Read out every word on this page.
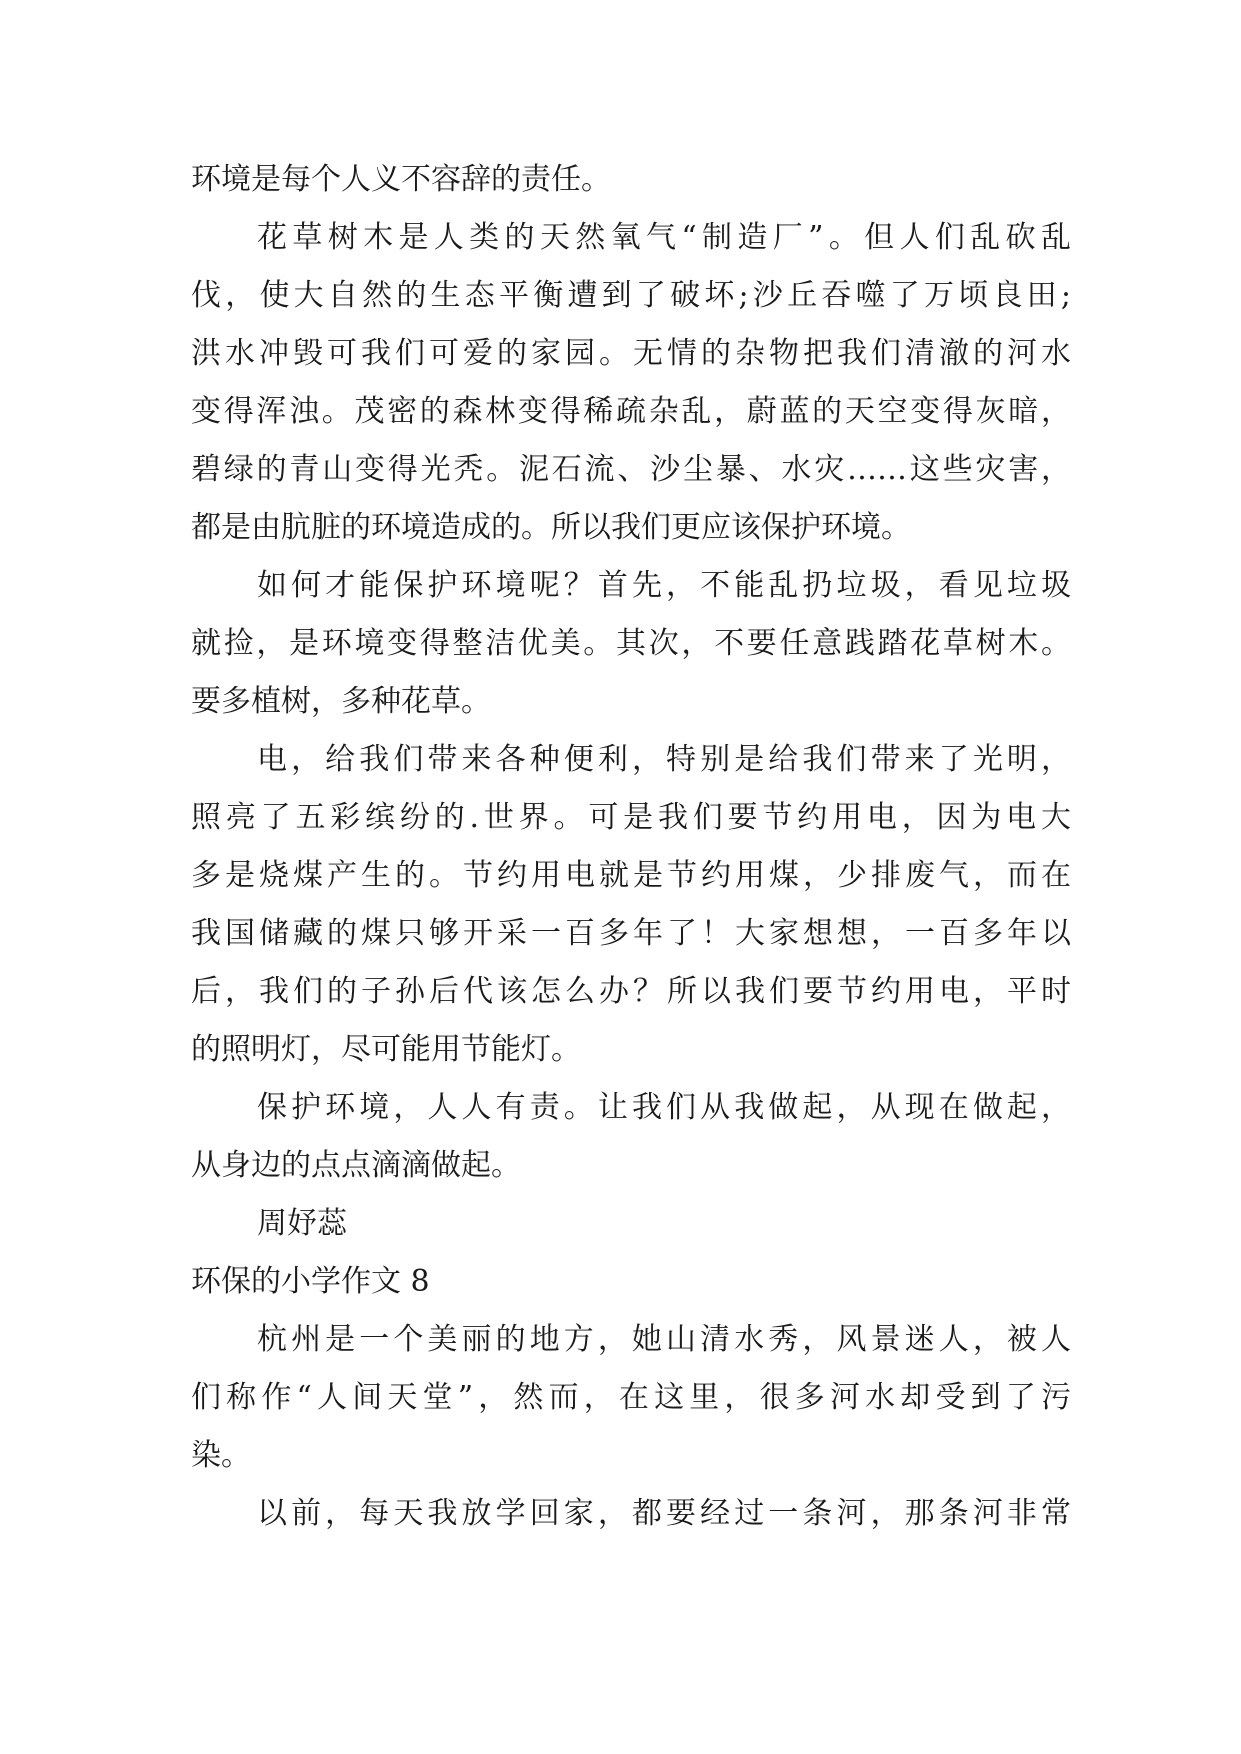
环境是每个人义不容辞的责任。
花草树木是人类的天然氧气“制造厂”。但人们乱砍乱
伐，使大自然的生态平衡遭到了破坏;沙丘吞噬了万顷良田;
洪水冲毁可我们可爱的家园。无情的杂物把我们清澈的河水
变得浑浊。茂密的森林变得稀疏杂乱，蔚蓝的天空变得灰暗，
碧绿的青山变得光秃。泥石流、沙尘暴、水灾……这些灾害，
都是由肮脏的环境造成的。所以我们更应该保护环境。
如何才能保护环境呢？首先，不能乱扔垃圾，看见垃圾
就捡，是环境变得整洁优美。其次，不要任意践踏花草树木。
要多植树，多种花草。
电，给我们带来各种便利，特别是给我们带来了光明，
照亮了五彩缤纷的.世界。可是我们要节约用电，因为电大
多是烧煤产生的。节约用电就是节约用煤，少排废气，而在
我国储藏的煤只够开采一百多年了！大家想想，一百多年以
后，我们的子孙后代该怎么办？所以我们要节约用电，平时
的照明灯，尽可能用节能灯。
保护环境，人人有责。让我们从我做起，从现在做起，
从身边的点点滴滴做起。
周妤蕊
环保的小学作文 8
杭州是一个美丽的地方，她山清水秀，风景迷人，被人
们称作“人间天堂”，然而，在这里，很多河水却受到了污
染。
以前，每天我放学回家，都要经过一条河，那条河非常
